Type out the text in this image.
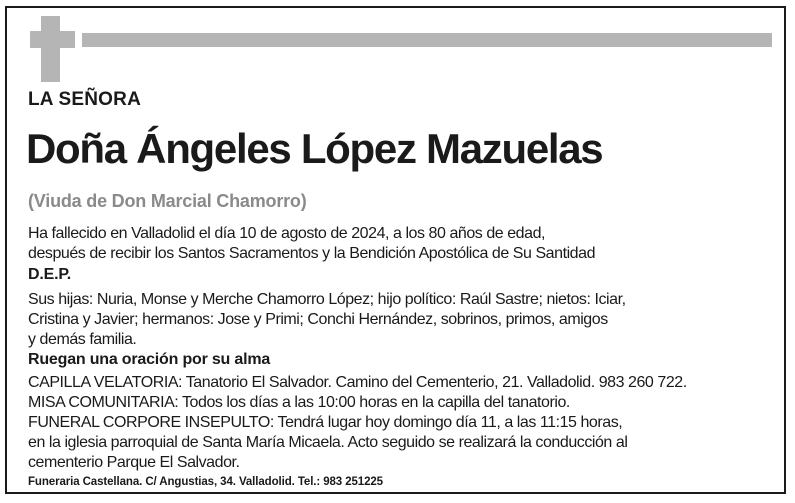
LA SEÑORA
Doña Ángeles López Mazuelas
(Viuda de Don Marcial Chamorro)
Ha fallecido en Valladolid el día 10 de agosto de 2024, a los 80 años de edad,
después de recibir los Santos Sacramentos y la Bendición Apostólica de Su Santidad
D.E.P.
Sus hijas: Nuria, Monse y Merche Chamorro López; hijo político: Raúl Sastre; nietos: Iciar,
Cristina y Javier; hermanos: Jose y Primi; Conchi Hernández, sobrinos, primos, amigos
y demás familia.
Ruegan una oración por su alma
CAPILLA VELATORIA: Tanatorio El Salvador. Camino del Cementerio, 21. Valladolid. 983 260 722.
MISA COMUNITARIA: Todos los días a las 10:00 horas en la capilla del tanatorio.
FUNERAL CORPORE INSEPULTO: Tendrá lugar hoy domingo día 11, a las 11:15 horas,
en la iglesia parroquial de Santa María Micaela. Acto seguido se realizará la conducción al
cementerio Parque El Salvador.
Funeraria Castellana. C/ Angustias, 34. Valladolid. Tel.: 983 251225
